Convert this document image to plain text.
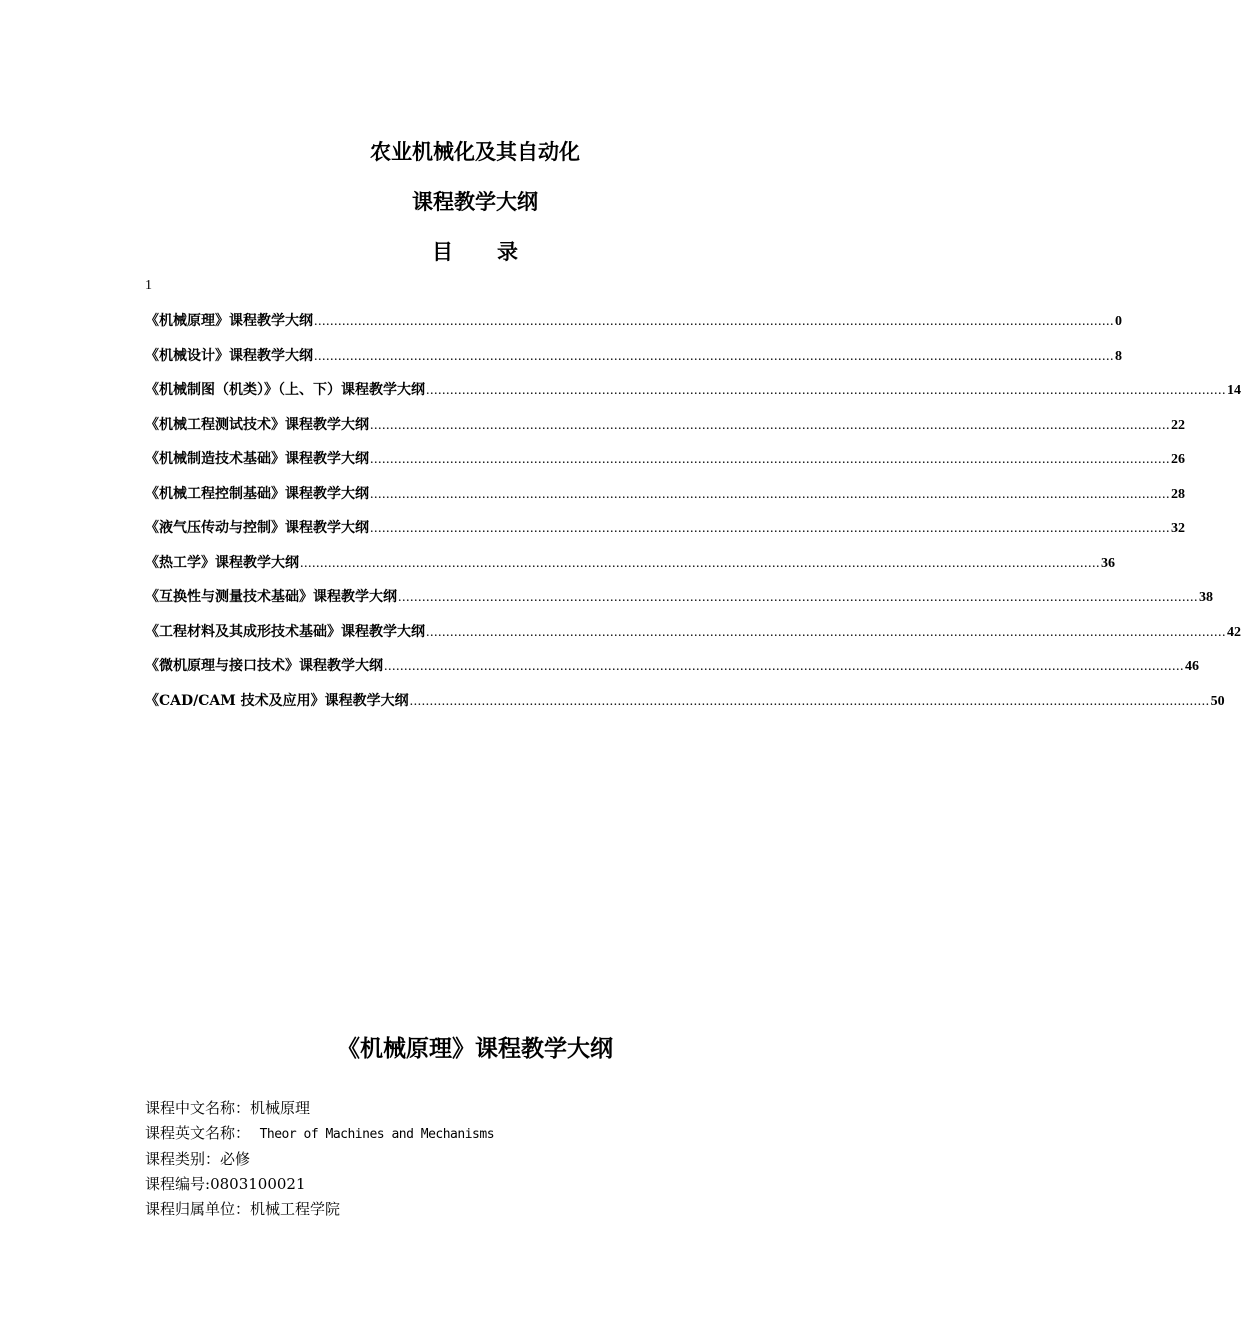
农业机械化及其自动化
课程教学大纲
目 录
1
《机械原理》课程教学大纲 ........................................................................................................................................................................................................ 0
《机械设计》课程教学大纲 ........................................................................................................................................................................................................ 8
《机械制图（机类）》（上、下）课程教学大纲 ........................................................................................................................................................................................................ 14
《机械工程测试技术》课程教学大纲 ........................................................................................................................................................................................................ 22
《机械制造技术基础》课程教学大纲 ........................................................................................................................................................................................................ 26
《机械工程控制基础》课程教学大纲 ........................................................................................................................................................................................................ 28
《液气压传动与控制》课程教学大纲 ........................................................................................................................................................................................................ 32
《热工学》课程教学大纲 ........................................................................................................................................................................................................ 36
《互换性与测量技术基础》课程教学大纲 ........................................................................................................................................................................................................ 38
《工程材料及其成形技术基础》课程教学大纲 ........................................................................................................................................................................................................ 42
《微机原理与接口技术》课程教学大纲 ........................................................................................................................................................................................................ 46
《CAD/CAM 技术及应用》课程教学大纲 ........................................................................................................................................................................................................ 50
《机械原理》课程教学大纲
课程中文名称：机械原理
课程英文名称： Theor of Machines and Mechanisms
课程类别：必修
课程编号:0803100021
课程归属单位：机械工程学院
